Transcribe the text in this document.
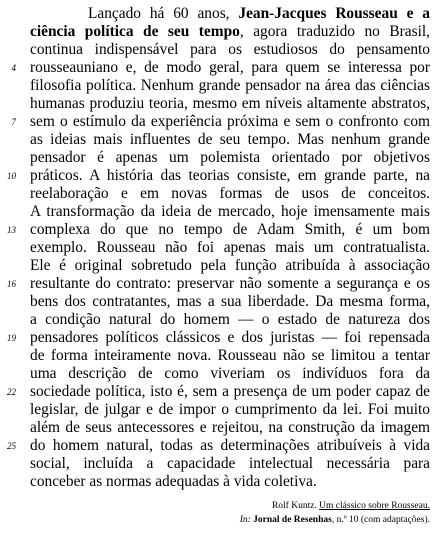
Lançado há 60 anos, Jean-Jacques Rousseau e a
ciência política de seu tempo, agora traduzido no Brasil,
continua indispensável para os estudiosos do pensamento
rousseauniano e, de modo geral, para quem se interessa por
filosofia política. Nenhum grande pensador na área das ciências
humanas produziu teoria, mesmo em níveis altamente abstratos,
sem o estímulo da experiência próxima e sem o confronto com
as ideias mais influentes de seu tempo. Mas nenhum grande
pensador é apenas um polemista orientado por objetivos
práticos. A história das teorias consiste, em grande parte, na
reelaboração e em novas formas de usos de conceitos.
A transformação da ideia de mercado, hoje imensamente mais
complexa do que no tempo de Adam Smith, é um bom
exemplo. Rousseau não foi apenas mais um contratualista.
Ele é original sobretudo pela função atribuída à associação
resultante do contrato: preservar não somente a segurança e os
bens dos contratantes, mas a sua liberdade. Da mesma forma,
a condição natural do homem — o estado de natureza dos
pensadores políticos clássicos e dos juristas — foi repensada
de forma inteiramente nova. Rousseau não se limitou a tentar
uma descrição de como viveriam os indivíduos fora da
sociedade política, isto é, sem a presença de um poder capaz de
legislar, de julgar e de impor o cumprimento da lei. Foi muito
além de seus antecessores e rejeitou, na construção da imagem
do homem natural, todas as determinações atribuíveis à vida
social, incluída a capacidade intelectual necessária para
conceber as normas adequadas à vida coletiva.
4
7
10
13
16
19
22
25
Rolf Kuntz. Um clássico sobre Rousseau.
In: Jornal de Resenhas, n.º 10 (com adaptações).
